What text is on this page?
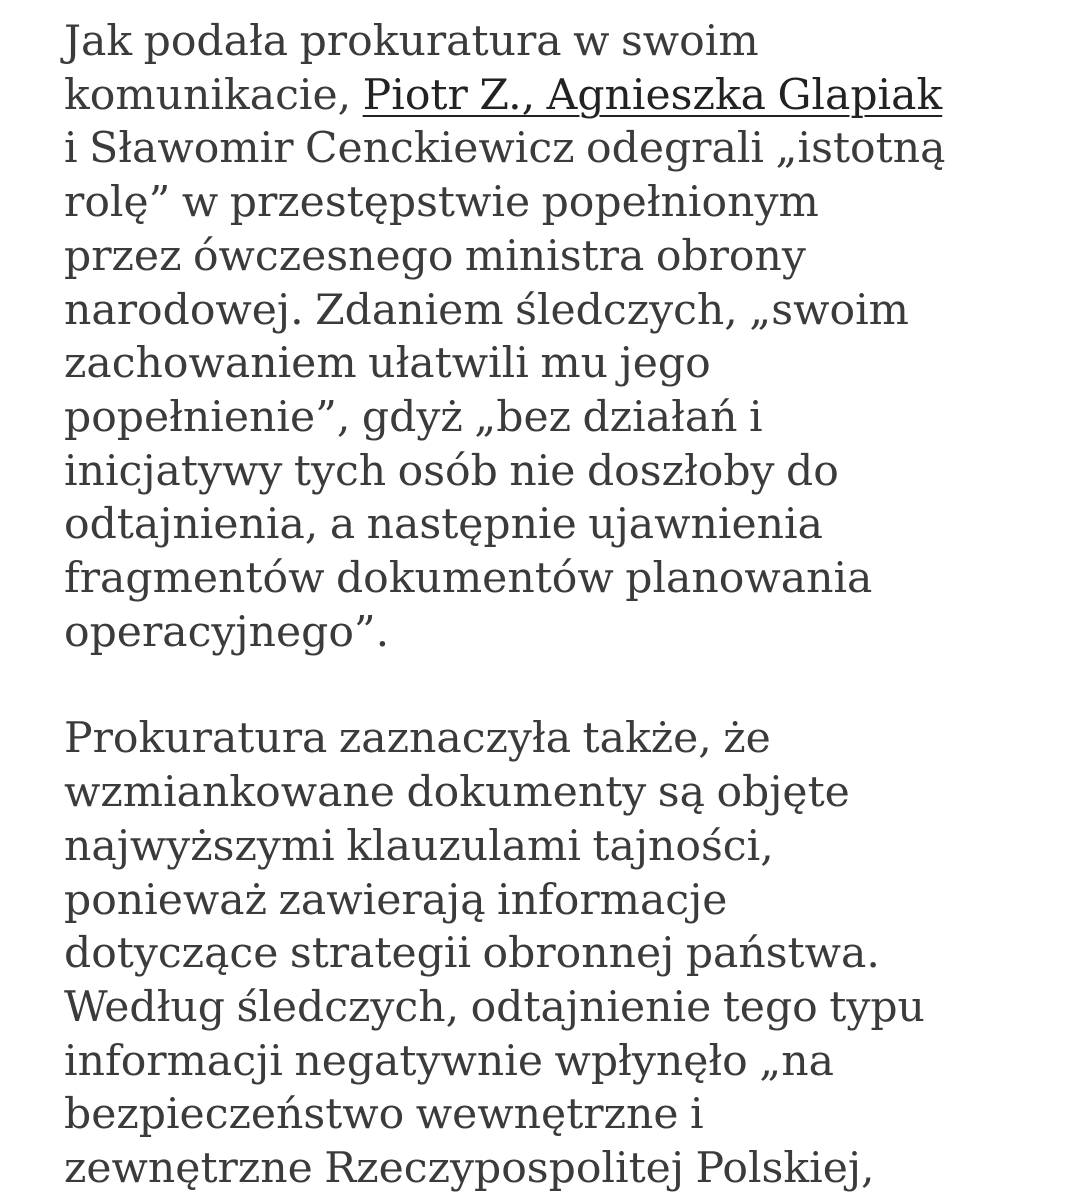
Jak podała prokuratura w swoim
komunikacie, Piotr Z., Agnieszka Glapiak
i Sławomir Cenckiewicz odegrali „istotną
rolę” w przestępstwie popełnionym
przez ówczesnego ministra obrony
narodowej. Zdaniem śledczych, „swoim
zachowaniem ułatwili mu jego
popełnienie”, gdyż „bez działań i
inicjatywy tych osób nie doszłoby do
odtajnienia, a następnie ujawnienia
fragmentów dokumentów planowania
operacyjnego”.

Prokuratura zaznaczyła także, że
wzmiankowane dokumenty są objęte
najwyższymi klauzulami tajności,
ponieważ zawierają informacje
dotyczące strategii obronnej państwa.
Według śledczych, odtajnienie tego typu
informacji negatywnie wpłynęło „na
bezpieczeństwo wewnętrzne i
zewnętrzne Rzeczypospolitej Polskiej,
